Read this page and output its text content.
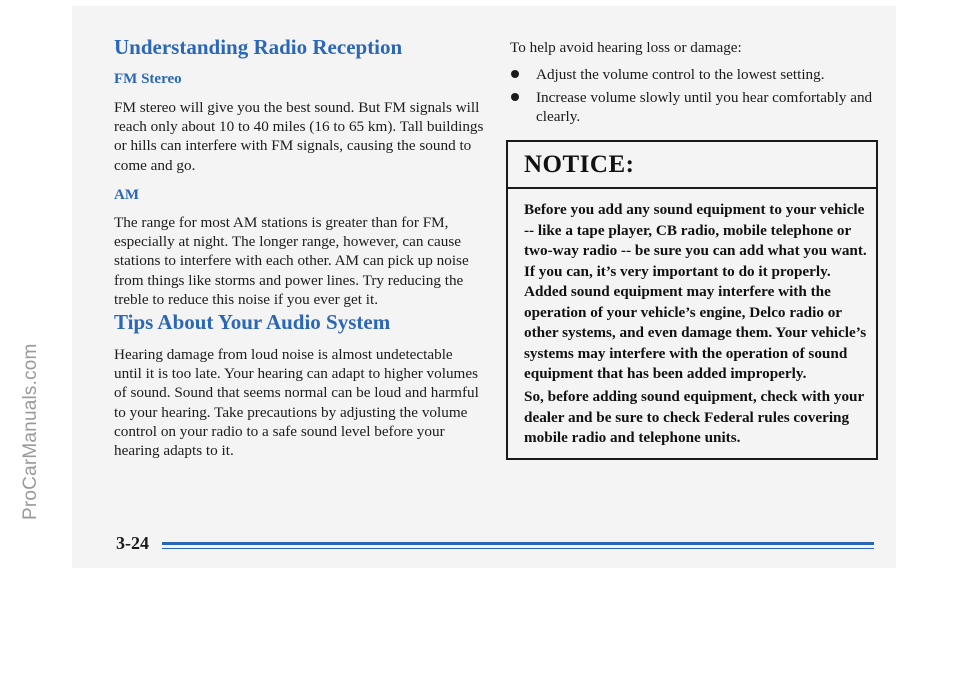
Understanding Radio Reception
FM Stereo

FM stereo will give you the best sound. But FM signals will reach only about 10 to 40 miles (16 to 65 km). Tall buildings or hills can interfere with FM signals, causing the sound to come and go.

AM

The range for most AM stations is greater than for FM, especially at night. The longer range, however, can cause stations to interfere with each other. AM can pick up noise from things like storms and power lines. Try reducing the treble to reduce this noise if you ever get it.

Tips About Your Audio System

Hearing damage from loud noise is almost undetectable until it is too late. Your hearing can adapt to higher volumes of sound. Sound that seems normal can be loud and harmful to your hearing. Take precautions by adjusting the volume control on your radio to a safe sound level before your hearing adapts to it.

To help avoid hearing loss or damage:

Adjust the volume control to the lowest setting.
Increase volume slowly until you hear comfortably and clearly.
NOTICE:

Before you add any sound equipment to your vehicle -- like a tape player, CB radio, mobile telephone or two-way radio -- be sure you can add what you want. If you can, it’s very important to do it properly. Added sound equipment may interfere with the operation of your vehicle’s engine, Delco radio or other systems, and even damage them. Your vehicle’s systems may interfere with the operation of sound equipment that has been added improperly.

So, before adding sound equipment, check with your dealer and be sure to check Federal rules covering mobile radio and telephone units.

3-24
ProCarManuals.com
